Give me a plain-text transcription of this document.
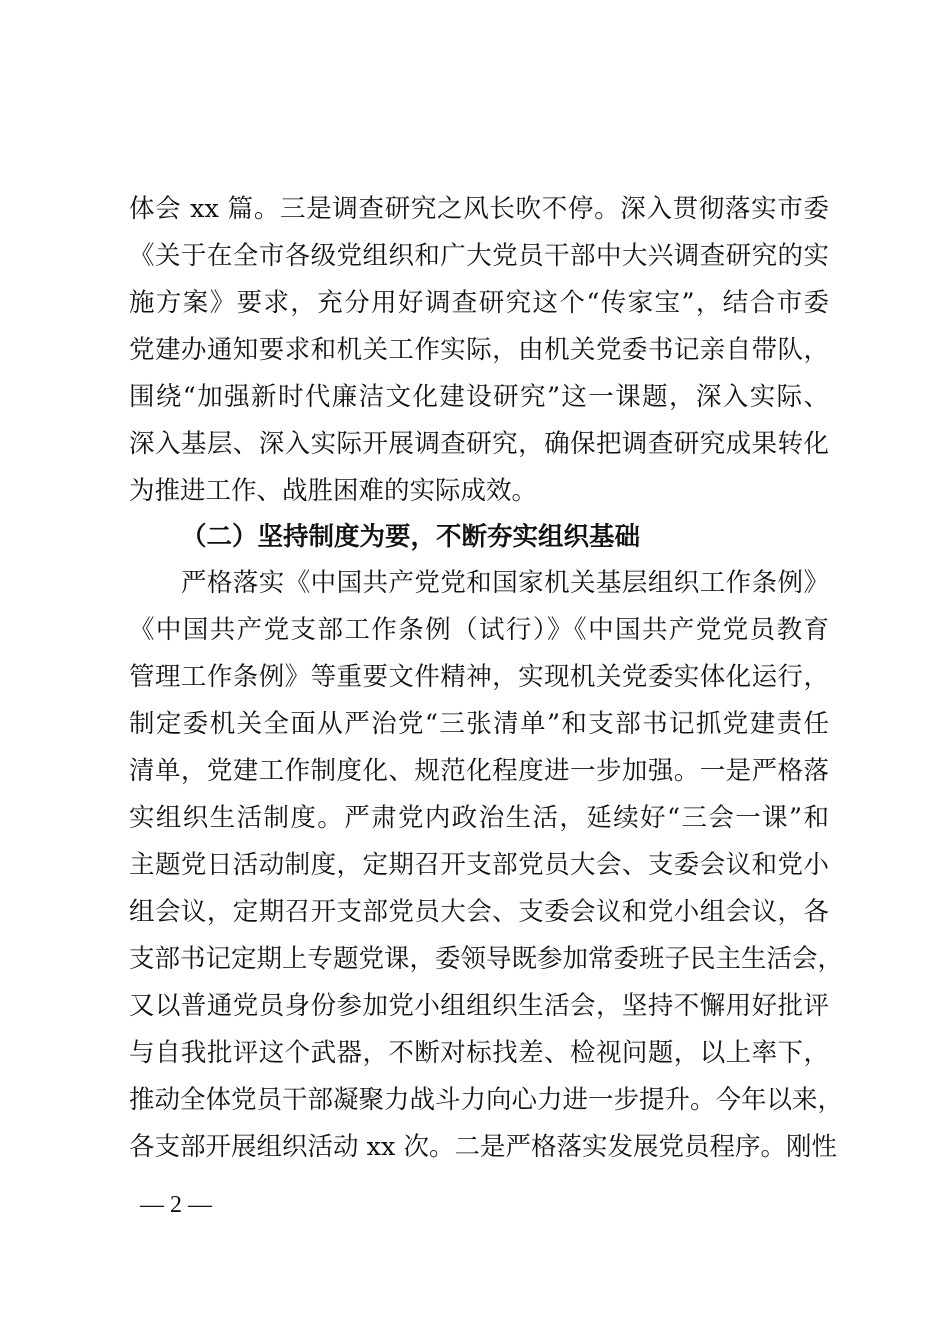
体会 xx 篇。三是调查研究之风长吹不停。深入贯彻落实市委
《关于在全市各级党组织和广大党员干部中大兴调查研究的实
施方案》要求，充分用好调查研究这个“传家宝”，结合市委
党建办通知要求和机关工作实际，由机关党委书记亲自带队，
围绕“加强新时代廉洁文化建设研究”这一课题，深入实际、
深入基层、深入实际开展调查研究，确保把调查研究成果转化
为推进工作、战胜困难的实际成效。
（二）坚持制度为要，不断夯实组织基础
严格落实《中国共产党党和国家机关基层组织工作条例》
《中国共产党支部工作条例（试行）》《中国共产党党员教育
管理工作条例》等重要文件精神，实现机关党委实体化运行，
制定委机关全面从严治党“三张清单”和支部书记抓党建责任
清单，党建工作制度化、规范化程度进一步加强。一是严格落
实组织生活制度。严肃党内政治生活，延续好“三会一课”和
主题党日活动制度，定期召开支部党员大会、支委会议和党小
组会议，定期召开支部党员大会、支委会议和党小组会议，各
支部书记定期上专题党课，委领导既参加常委班子民主生活会，
又以普通党员身份参加党小组组织生活会，坚持不懈用好批评
与自我批评这个武器，不断对标找差、检视问题，以上率下，
推动全体党员干部凝聚力战斗力向心力进一步提升。今年以来，
各支部开展组织活动 xx 次。二是严格落实发展党员程序。刚性
— 2 —
